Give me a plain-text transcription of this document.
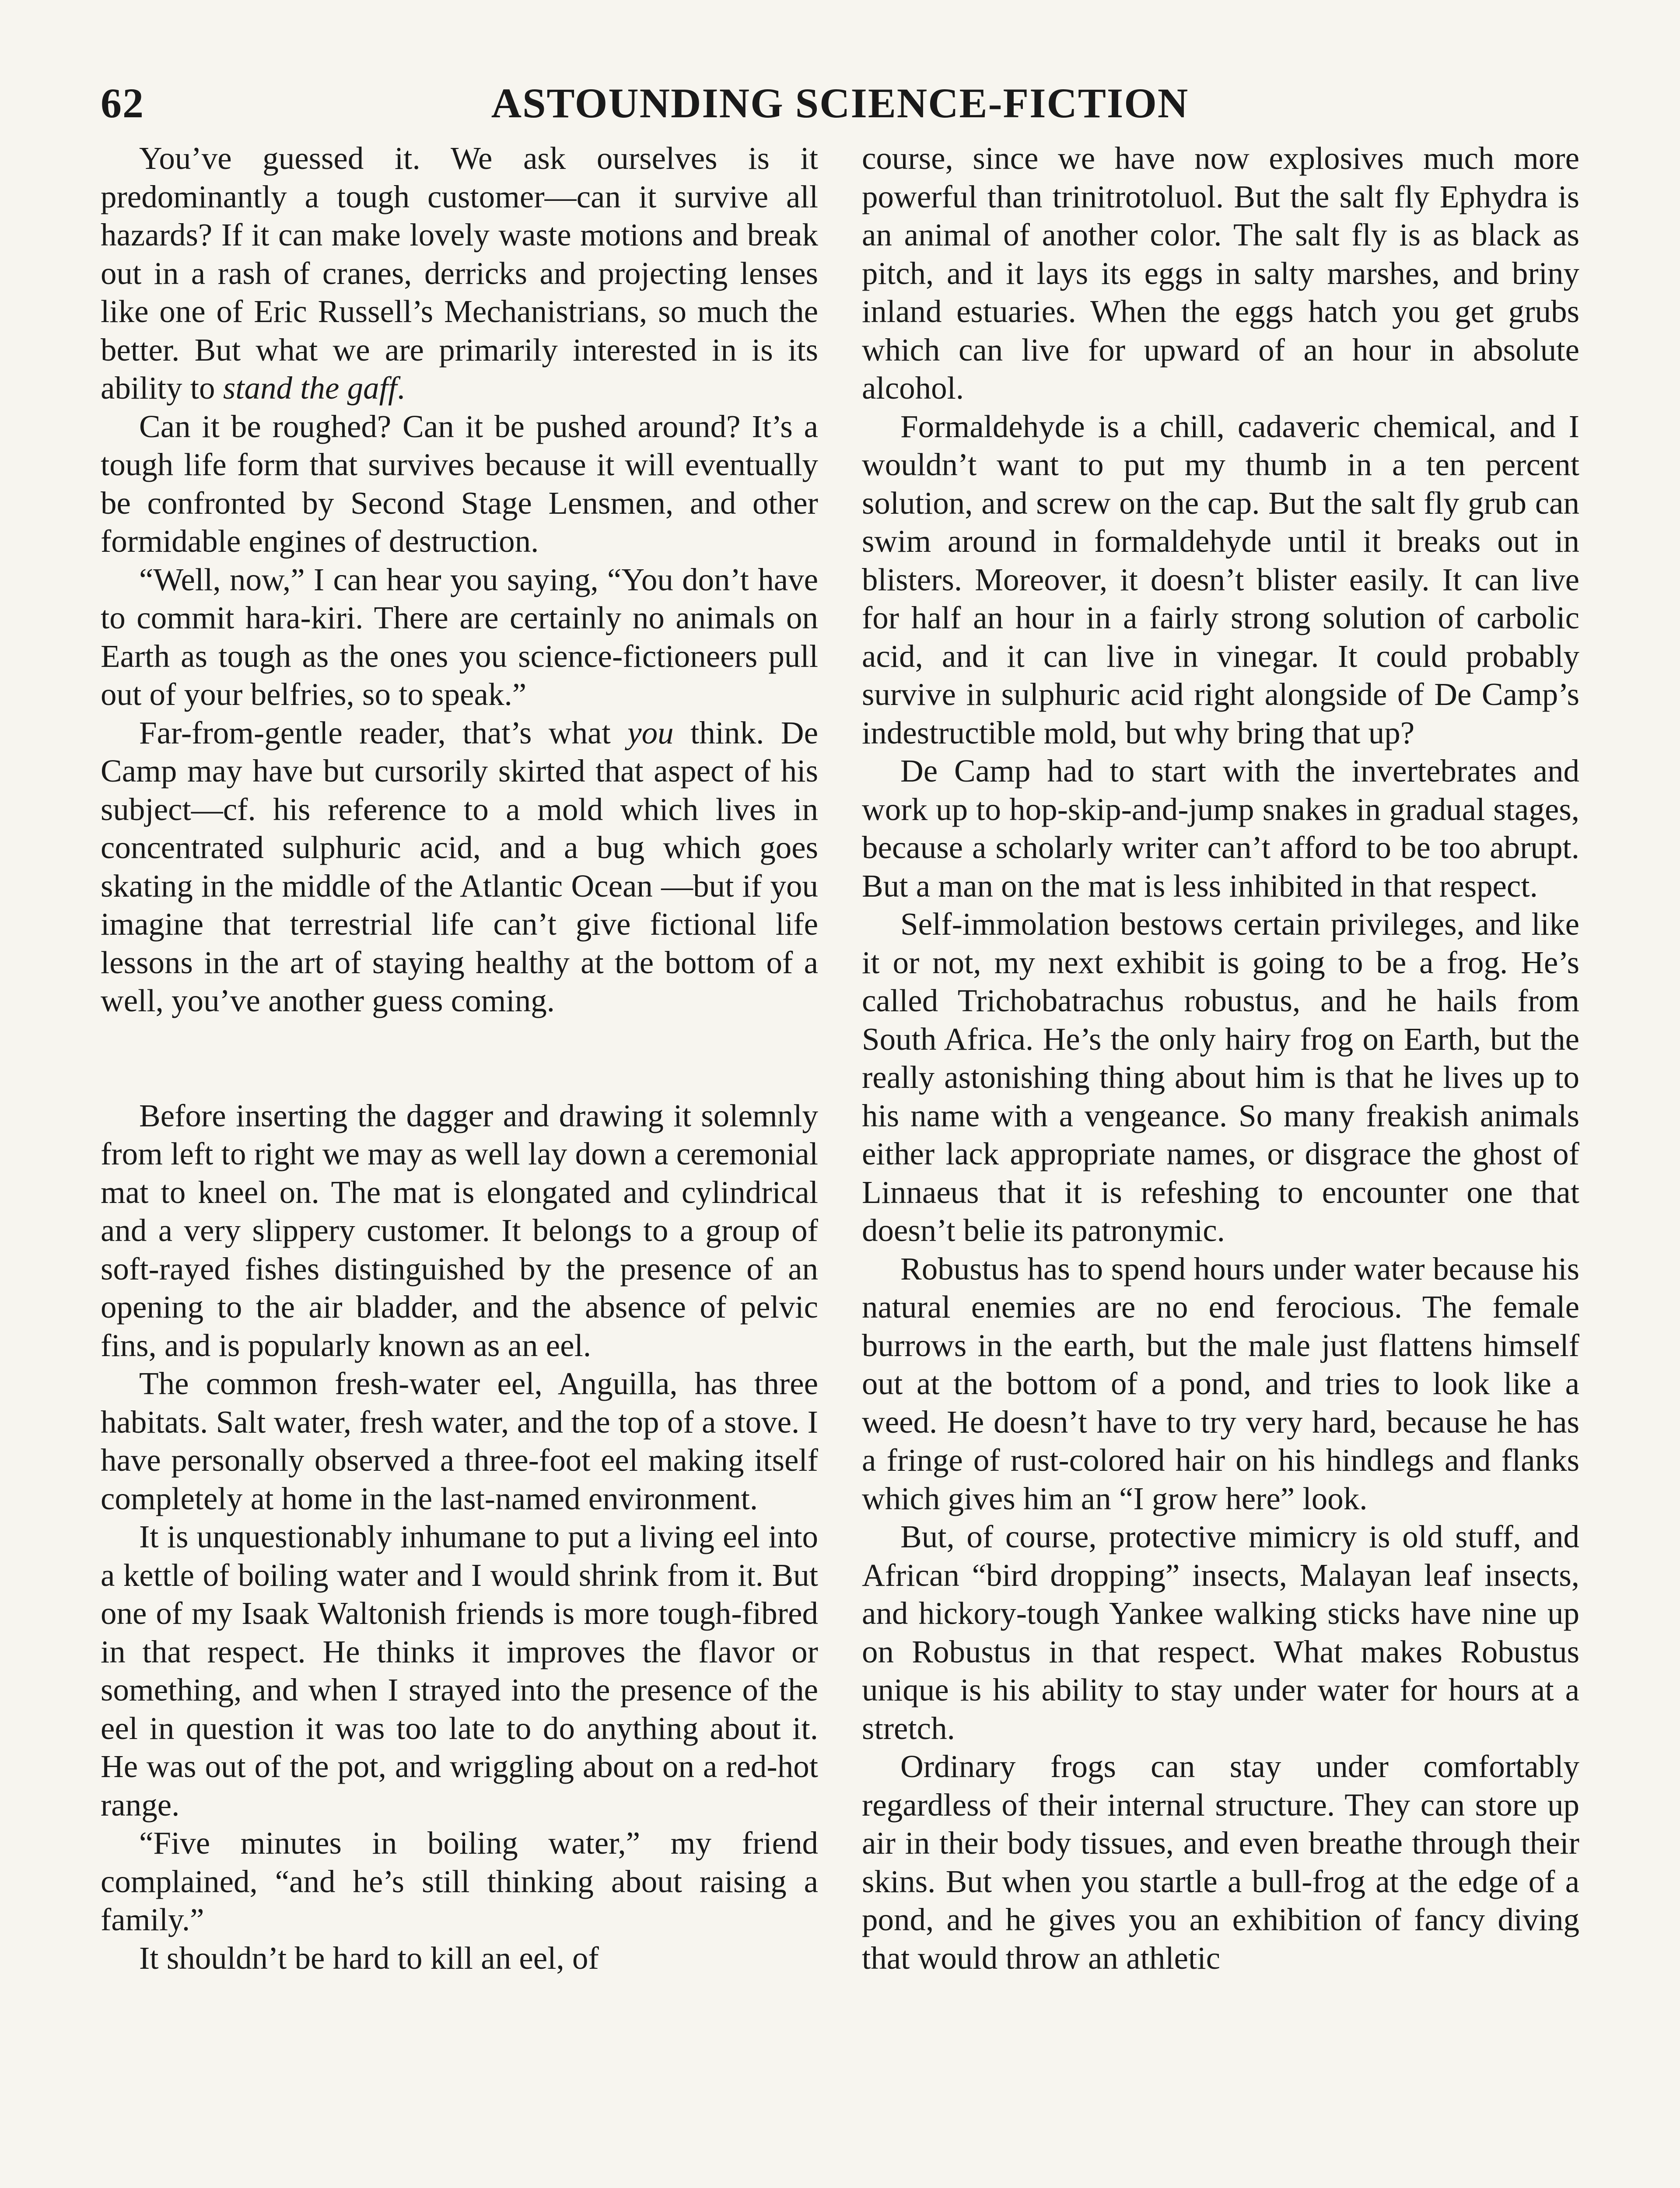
62	ASTOUNDING SCIENCE-FICTION

You’ve guessed it. We ask ourselves is it predominantly a tough customer—can it survive all hazards? If it can make lovely waste motions and break out in a rash of cranes, derricks and projecting lenses like one of Eric Russell’s Mechanistrians, so much the better. But what we are primarily interested in is its ability to stand the gaff.

Can it be roughed? Can it be pushed around? It’s a tough life form that survives because it will eventually be confronted by Second Stage Lensmen, and other formidable engines of destruction.

“Well, now,” I can hear you saying, “You don’t have to commit hara-kiri. There are certainly no animals on Earth as tough as the ones you science-fictioneers pull out of your belfries, so to speak.”

Far-from-gentle reader, that’s what you think. De Camp may have but cursorily skirted that aspect of his subject—cf. his reference to a mold which lives in concentrated sulphuric acid, and a bug which goes skating in the middle of the Atlantic Ocean —but if you imagine that terrestrial life can’t give fictional life lessons in the art of staying healthy at the bottom of a well, you’ve another guess coming.

Before inserting the dagger and drawing it solemnly from left to right we may as well lay down a ceremonial mat to kneel on. The mat is elongated and cylindrical and a very slippery customer. It belongs to a group of soft-rayed fishes distinguished by the presence of an opening to the air bladder, and the absence of pelvic fins, and is popularly known as an eel.

The common fresh-water eel, Anguilla, has three habitats. Salt water, fresh water, and the top of a stove. I have personally observed a three-foot eel making itself completely at home in the last-named environment.

It is unquestionably inhumane to put a living eel into a kettle of boiling water and I would shrink from it. But one of my Isaak Waltonish friends is more tough-fibred in that respect. He thinks it improves the flavor or something, and when I strayed into the presence of the eel in question it was too late to do anything about it. He was out of the pot, and wriggling about on a red-hot range.

“Five minutes in boiling water,” my friend complained, “and he’s still thinking about raising a family.”

It shouldn’t be hard to kill an eel, of

course, since we have now explosives much more powerful than trinitrotoluol. But the salt fly Ephydra is an animal of another color. The salt fly is as black as pitch, and it lays its eggs in salty marshes, and briny inland estuaries. When the eggs hatch you get grubs which can live for upward of an hour in absolute alcohol.

Formaldehyde is a chill, cadaveric chemical, and I wouldn’t want to put my thumb in a ten percent solution, and screw on the cap. But the salt fly grub can swim around in formaldehyde until it breaks out in blisters. Moreover, it doesn’t blister easily. It can live for half an hour in a fairly strong solution of carbolic acid, and it can live in vinegar. It could probably survive in sulphuric acid right alongside of De Camp’s indestructible mold, but why bring that up?

De Camp had to start with the invertebrates and work up to hop-skip-and-jump snakes in gradual stages, because a scholarly writer can’t afford to be too abrupt. But a man on the mat is less inhibited in that respect.

Self-immolation bestows certain privileges, and like it or not, my next exhibit is going to be a frog. He’s called Trichobatrachus robustus, and he hails from South Africa. He’s the only hairy frog on Earth, but the really astonishing thing about him is that he lives up to his name with a vengeance. So many freakish animals either lack appropriate names, or disgrace the ghost of Linnaeus that it is refeshing to encounter one that doesn’t belie its patronymic.

Robustus has to spend hours under water because his natural enemies are no end ferocious. The female burrows in the earth, but the male just flattens himself out at the bottom of a pond, and tries to look like a weed. He doesn’t have to try very hard, because he has a fringe of rust-colored hair on his hindlegs and flanks which gives him an “I grow here” look.

But, of course, protective mimicry is old stuff, and African “bird dropping” insects, Malayan leaf insects, and hickory-tough Yankee walking sticks have nine up on Robustus in that respect. What makes Robustus unique is his ability to stay under water for hours at a stretch.

Ordinary frogs can stay under comfortably regardless of their internal structure. They can store up air in their body tissues, and even breathe through their skins. But when you startle a bull-frog at the edge of a pond, and he gives you an exhibition of fancy diving that would throw an athletic
